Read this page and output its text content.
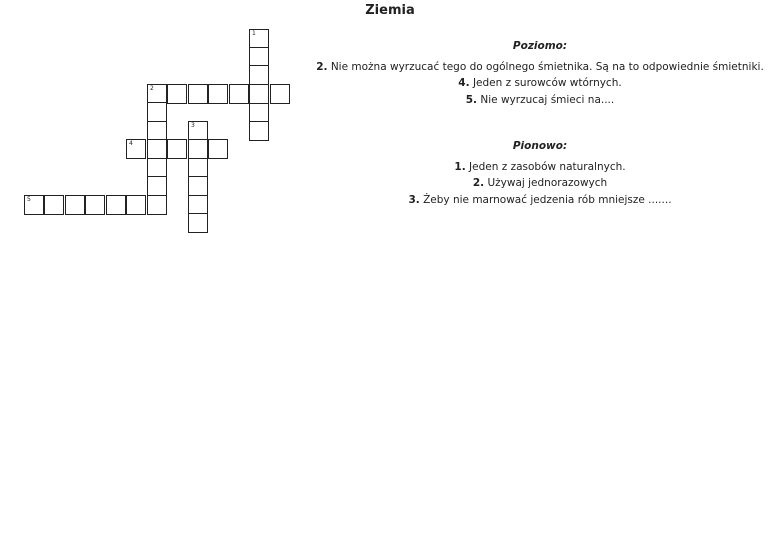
Ziemia
1
2
3
4
5
Poziomo:
2. Nie można wyrzucać tego do ogólnego śmietnika. Są na to odpowiednie śmietniki.
4. Jeden z surowców wtórnych.
5. Nie wyrzucaj śmieci na....
Pionowo:
1. Jeden z zasobów naturalnych.
2. Używaj jednorazowych
3. Żeby nie marnować jedzenia rób mniejsze .......
